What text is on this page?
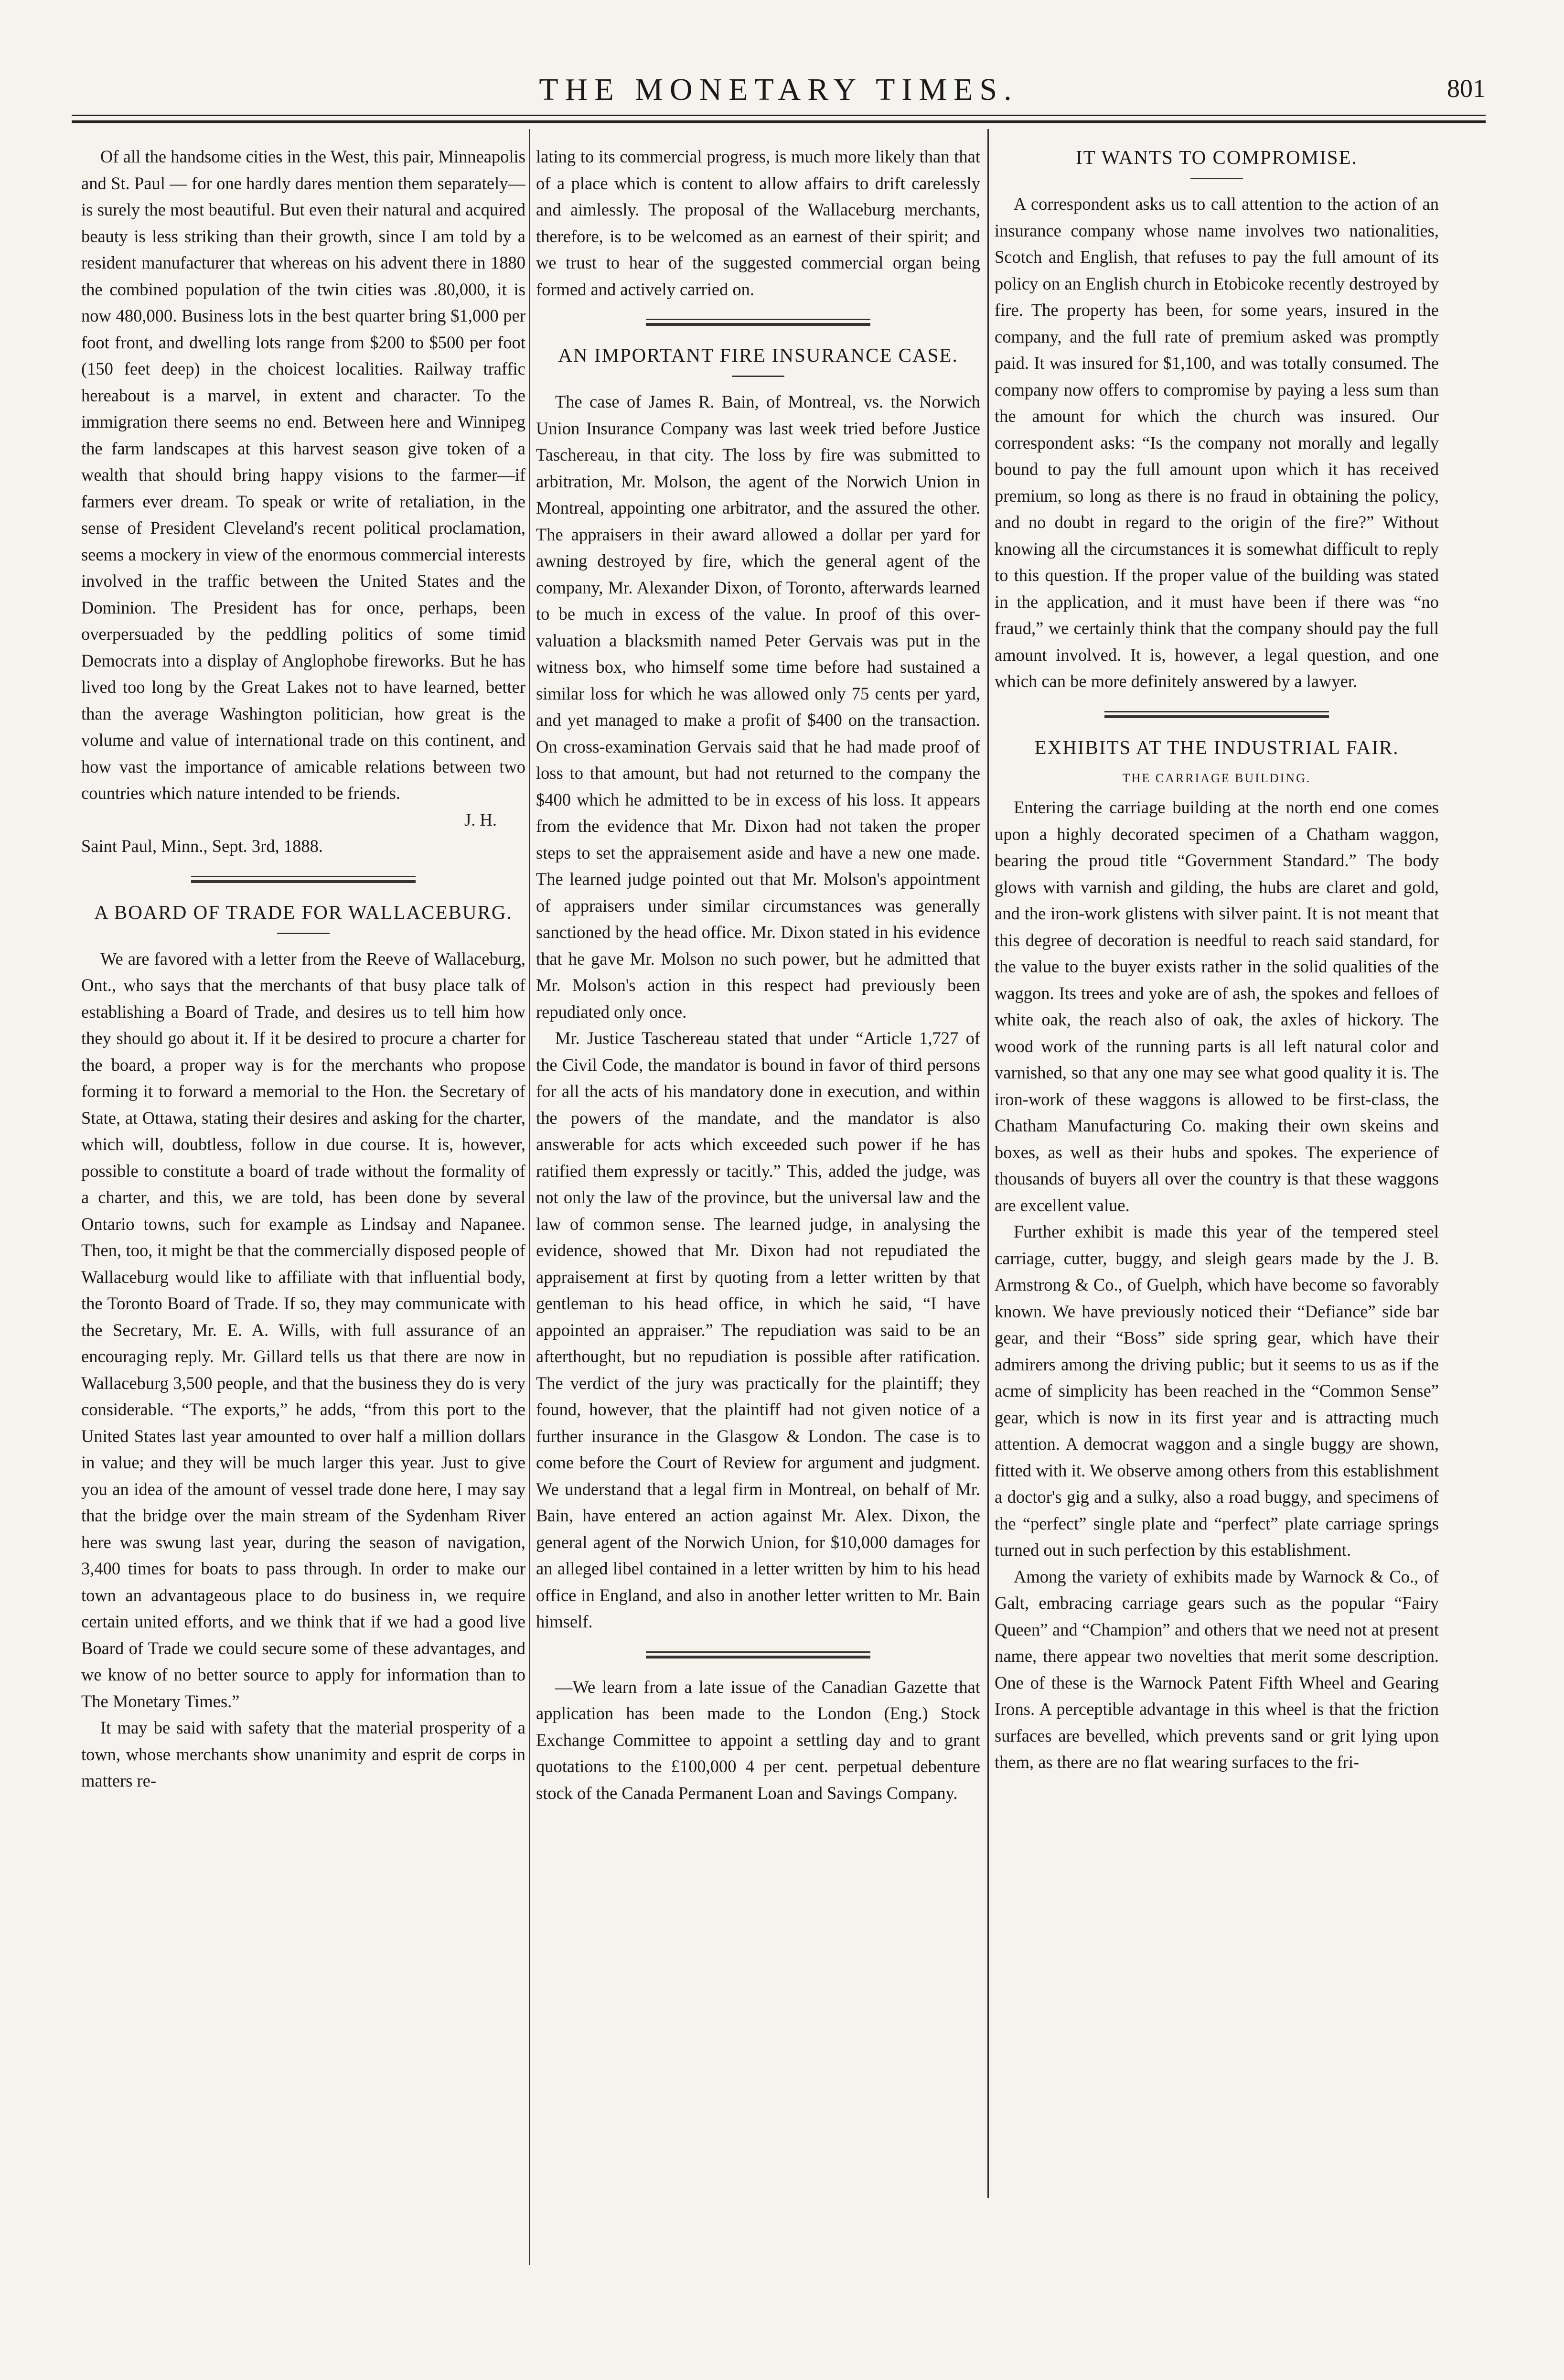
THE MONETARY TIMES.	801

Of all the handsome cities in the West, this pair, Minneapolis and St. Paul — for one hardly dares mention them separately—is surely the most beautiful. But even their natural and acquired beauty is less striking than their growth, since I am told by a resident manufacturer that whereas on his advent there in 1880 the combined population of the twin cities was .80,000, it is now 480,000. Business lots in the best quarter bring $1,000 per foot front, and dwelling lots range from $200 to $500 per foot (150 feet deep) in the choicest localities. Railway traffic hereabout is a marvel, in extent and character. To the immigration there seems no end. Between here and Winnipeg the farm landscapes at this harvest season give token of a wealth that should bring happy visions to the farmer—if farmers ever dream. To speak or write of retaliation, in the sense of President Cleveland's recent political proclamation, seems a mockery in view of the enormous commercial interests involved in the traffic between the United States and the Dominion. The President has for once, perhaps, been overpersuaded by the peddling politics of some timid Democrats into a display of Anglophobe fireworks. But he has lived too long by the Great Lakes not to have learned, better than the average Washington politician, how great is the volume and value of international trade on this continent, and how vast the importance of amicable relations between two countries which nature intended to be friends.

J. H.

Saint Paul, Minn., Sept. 3rd, 1888.

A BOARD OF TRADE FOR WALLACEBURG.

We are favored with a letter from the Reeve of Wallaceburg, Ont., who says that the merchants of that busy place talk of establishing a Board of Trade, and desires us to tell him how they should go about it. If it be desired to procure a charter for the board, a proper way is for the merchants who propose forming it to forward a memorial to the Hon. the Secretary of State, at Ottawa, stating their desires and asking for the charter, which will, doubtless, follow in due course. It is, however, possible to constitute a board of trade without the formality of a charter, and this, we are told, has been done by several Ontario towns, such for example as Lindsay and Napanee. Then, too, it might be that the commercially disposed people of Wallaceburg would like to affiliate with that influential body, the Toronto Board of Trade. If so, they may communicate with the Secretary, Mr. E. A. Wills, with full assurance of an encouraging reply. Mr. Gillard tells us that there are now in Wallaceburg 3,500 people, and that the business they do is very considerable. “The exports,” he adds, “from this port to the United States last year amounted to over half a million dollars in value; and they will be much larger this year. Just to give you an idea of the amount of vessel trade done here, I may say that the bridge over the main stream of the Sydenham River here was swung last year, during the season of navigation, 3,400 times for boats to pass through. In order to make our town an advantageous place to do business in, we require certain united efforts, and we think that if we had a good live Board of Trade we could secure some of these advantages, and we know of no better source to apply for information than to The Monetary Times.”

It may be said with safety that the material prosperity of a town, whose merchants show unanimity and esprit de corps in matters re-

lating to its commercial progress, is much more likely than that of a place which is content to allow affairs to drift carelessly and aimlessly. The proposal of the Wallaceburg merchants, therefore, is to be welcomed as an earnest of their spirit; and we trust to hear of the suggested commercial organ being formed and actively carried on.

AN IMPORTANT FIRE INSURANCE CASE.

The case of James R. Bain, of Montreal, vs. the Norwich Union Insurance Company was last week tried before Justice Taschereau, in that city. The loss by fire was submitted to arbitration, Mr. Molson, the agent of the Norwich Union in Montreal, appointing one arbitrator, and the assured the other. The appraisers in their award allowed a dollar per yard for awning destroyed by fire, which the general agent of the company, Mr. Alexander Dixon, of Toronto, afterwards learned to be much in excess of the value. In proof of this over-valuation a blacksmith named Peter Gervais was put in the witness box, who himself some time before had sustained a similar loss for which he was allowed only 75 cents per yard, and yet managed to make a profit of $400 on the transaction. On cross-examination Gervais said that he had made proof of loss to that amount, but had not returned to the company the $400 which he admitted to be in excess of his loss. It appears from the evidence that Mr. Dixon had not taken the proper steps to set the appraisement aside and have a new one made. The learned judge pointed out that Mr. Molson's appointment of appraisers under similar circumstances was generally sanctioned by the head office. Mr. Dixon stated in his evidence that he gave Mr. Molson no such power, but he admitted that Mr. Molson's action in this respect had previously been repudiated only once.

Mr. Justice Taschereau stated that under “Article 1,727 of the Civil Code, the mandator is bound in favor of third persons for all the acts of his mandatory done in execution, and within the powers of the mandate, and the mandator is also answerable for acts which exceeded such power if he has ratified them expressly or tacitly.” This, added the judge, was not only the law of the province, but the universal law and the law of common sense. The learned judge, in analysing the evidence, showed that Mr. Dixon had not repudiated the appraisement at first by quoting from a letter written by that gentleman to his head office, in which he said, “I have appointed an appraiser.” The repudiation was said to be an afterthought, but no repudiation is possible after ratification. The verdict of the jury was practically for the plaintiff; they found, however, that the plaintiff had not given notice of a further insurance in the Glasgow & London. The case is to come before the Court of Review for argument and judgment. We understand that a legal firm in Montreal, on behalf of Mr. Bain, have entered an action against Mr. Alex. Dixon, the general agent of the Norwich Union, for $10,000 damages for an alleged libel contained in a letter written by him to his head office in England, and also in another letter written to Mr. Bain himself.

—We learn from a late issue of the Canadian Gazette that application has been made to the London (Eng.) Stock Exchange Committee to appoint a settling day and to grant quotations to the £100,000 4 per cent. perpetual debenture stock of the Canada Permanent Loan and Savings Company.

IT WANTS TO COMPROMISE.

A correspondent asks us to call attention to the action of an insurance company whose name involves two nationalities, Scotch and English, that refuses to pay the full amount of its policy on an English church in Etobicoke recently destroyed by fire. The property has been, for some years, insured in the company, and the full rate of premium asked was promptly paid. It was insured for $1,100, and was totally consumed. The company now offers to compromise by paying a less sum than the amount for which the church was insured. Our correspondent asks: “Is the company not morally and legally bound to pay the full amount upon which it has received premium, so long as there is no fraud in obtaining the policy, and no doubt in regard to the origin of the fire?” Without knowing all the circumstances it is somewhat difficult to reply to this question. If the proper value of the building was stated in the application, and it must have been if there was “no fraud,” we certainly think that the company should pay the full amount involved. It is, however, a legal question, and one which can be more definitely answered by a lawyer.

EXHIBITS AT THE INDUSTRIAL FAIR.
THE CARRIAGE BUILDING.

Entering the carriage building at the north end one comes upon a highly decorated specimen of a Chatham waggon, bearing the proud title “Government Standard.” The body glows with varnish and gilding, the hubs are claret and gold, and the iron-work glistens with silver paint. It is not meant that this degree of decoration is needful to reach said standard, for the value to the buyer exists rather in the solid qualities of the waggon. Its trees and yoke are of ash, the spokes and felloes of white oak, the reach also of oak, the axles of hickory. The wood work of the running parts is all left natural color and varnished, so that any one may see what good quality it is. The iron-work of these waggons is allowed to be first-class, the Chatham Manufacturing Co. making their own skeins and boxes, as well as their hubs and spokes. The experience of thousands of buyers all over the country is that these waggons are excellent value.

Further exhibit is made this year of the tempered steel carriage, cutter, buggy, and sleigh gears made by the J. B. Armstrong & Co., of Guelph, which have become so favorably known. We have previously noticed their “Defiance” side bar gear, and their “Boss” side spring gear, which have their admirers among the driving public; but it seems to us as if the acme of simplicity has been reached in the “Common Sense” gear, which is now in its first year and is attracting much attention. A democrat waggon and a single buggy are shown, fitted with it. We observe among others from this establishment a doctor's gig and a sulky, also a road buggy, and specimens of the “perfect” single plate and “perfect” plate carriage springs turned out in such perfection by this establishment.

Among the variety of exhibits made by Warnock & Co., of Galt, embracing carriage gears such as the popular “Fairy Queen” and “Champion” and others that we need not at present name, there appear two novelties that merit some description. One of these is the Warnock Patent Fifth Wheel and Gearing Irons. A perceptible advantage in this wheel is that the friction surfaces are bevelled, which prevents sand or grit lying upon them, as there are no flat wearing surfaces to the fri-
